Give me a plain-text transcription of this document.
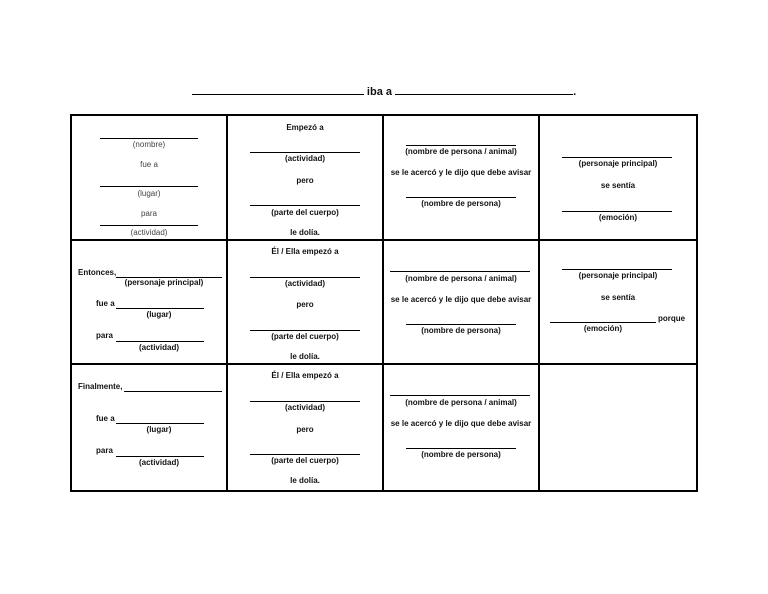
iba a	.
(nombre)
fue a
(lugar)
para
(actividad)
Empezó a
(actividad)
pero
(parte del cuerpo)
le dolía.
(nombre de persona / animal)
se le acercó y le dijo que debe avisar
(nombre de persona)
(personaje principal)
se sentía
(emoción)
Entonces,
(personaje principal)
fue a
(lugar)
para
(actividad)
Él / Ella empezó a
(actividad)
pero
(parte del cuerpo)
le dolía.
(nombre de persona / animal)
se le acercó y le dijo que debe avisar
(nombre de persona)
(personaje principal)
se sentía
porque
(emoción)
Finalmente,
fue a
(lugar)
para
(actividad)
Él / Ella empezó a
(actividad)
pero
(parte del cuerpo)
le dolía.
(nombre de persona / animal)
se le acercó y le dijo que debe avisar
(nombre de persona)
